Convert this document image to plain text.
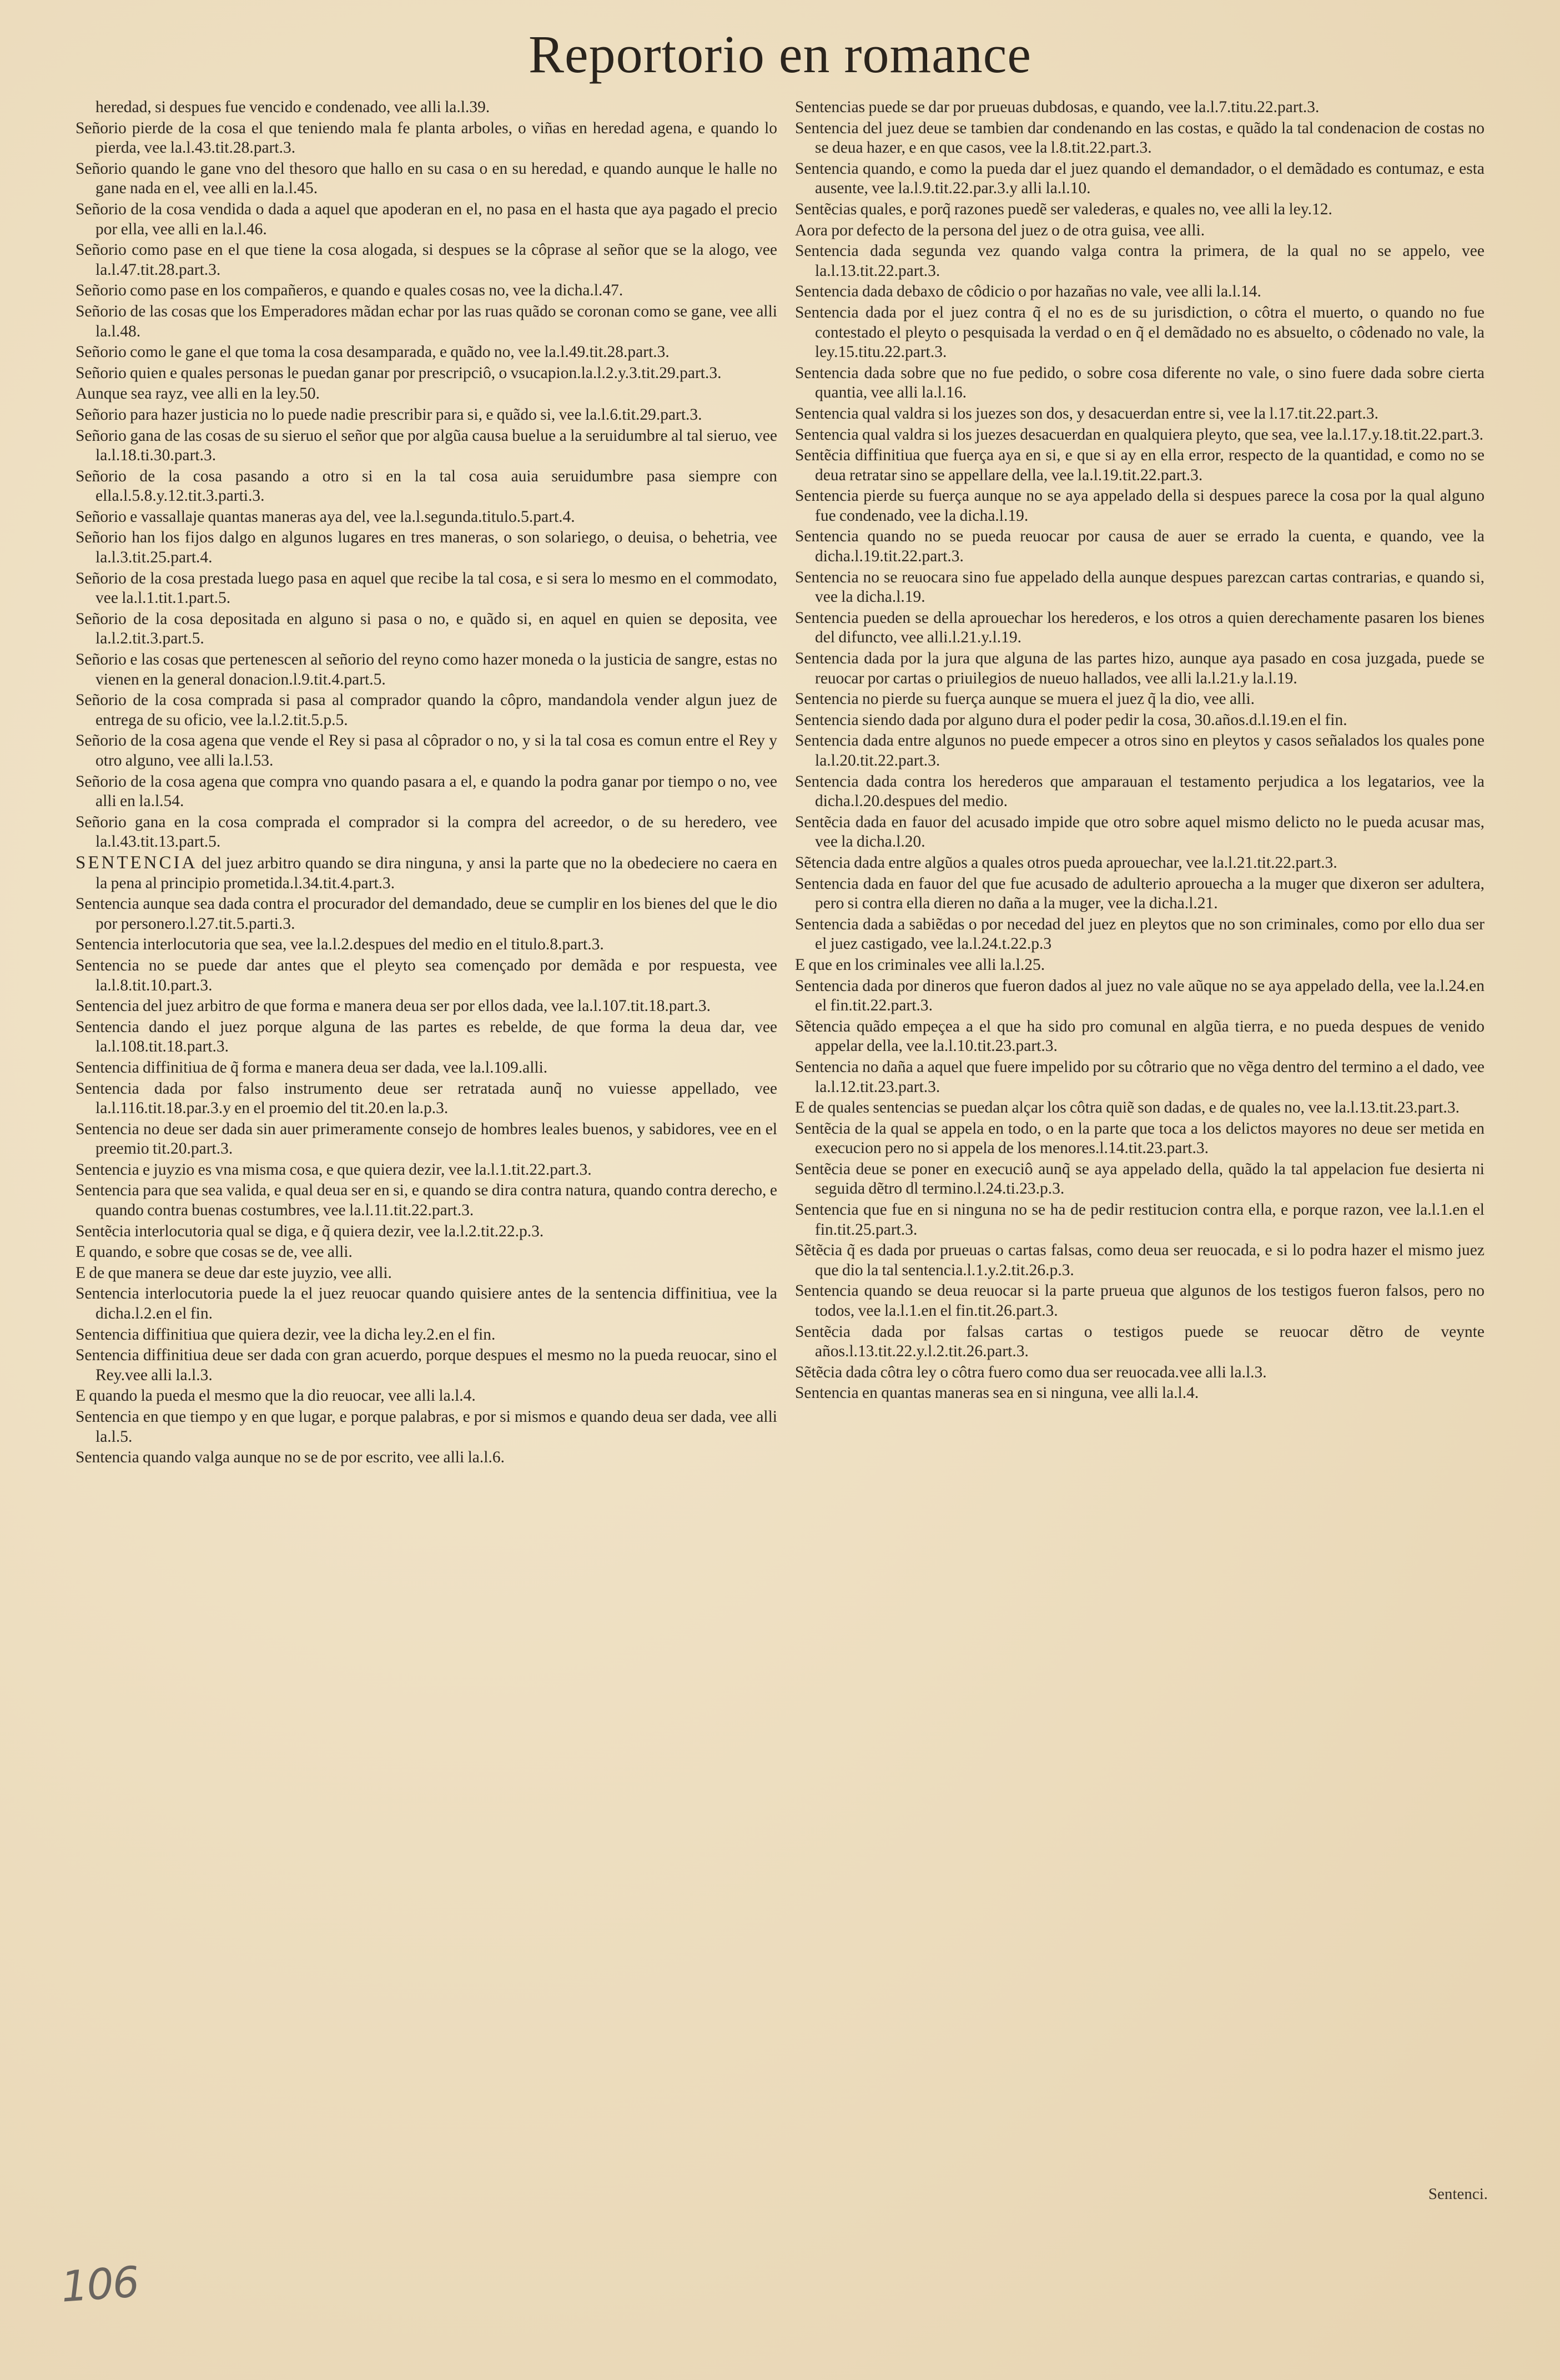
Reportorio en romance

heredad, si despues fue vencido e condenado, vee alli la.l.39.

Señorio pierde de la cosa el que teniendo mala fe planta arboles, o viñas en heredad agena, e quando lo pierda, vee la.l.43.tit.28.part.3.

Señorio quando le gane vno del thesoro que hallo en su casa o en su heredad, e quando aunque le halle no gane nada en el, vee alli en la.l.45.

Señorio de la cosa vendida o dada a aquel que apoderan en el, no pasa en el hasta que aya pagado el precio por ella, vee alli en la.l.46.

Señorio como pase en el que tiene la cosa alogada, si despues se la côprase al señor que se la alogo, vee la.l.47.tit.28.part.3.

Señorio como pase en los compañeros, e quando e quales cosas no, vee la dicha.l.47.

Señorio de las cosas que los Emperadores mãdan echar por las ruas quãdo se coronan como se gane, vee alli la.l.48.

Señorio como le gane el que toma la cosa desamparada, e quãdo no, vee la.l.49.tit.28.part.3.

Señorio quien e quales personas le puedan ganar por prescripciô, o vsucapion.la.l.2.y.3.tit.29.part.3.

Aunque sea rayz, vee alli en la ley.50.

Señorio para hazer justicia no lo puede nadie prescribir para si, e quãdo si, vee la.l.6.tit.29.part.3.

Señorio gana de las cosas de su sieruo el señor que por algũa causa buelue a la seruidumbre al tal sieruo, vee la.l.18.ti.30.part.3.

Señorio de la cosa pasando a otro si en la tal cosa auia seruidumbre pasa siempre con ella.l.5.8.y.12.tit.3.parti.3.

Señorio e vassallaje quantas maneras aya del, vee la.l.segunda.titulo.5.part.4.

Señorio han los fijos dalgo en algunos lugares en tres maneras, o son solariego, o deuisa, o behetria, vee la.l.3.tit.25.part.4.

Señorio de la cosa prestada luego pasa en aquel que recibe la tal cosa, e si sera lo mesmo en el commodato, vee la.l.1.tit.1.part.5.

Señorio de la cosa depositada en alguno si pasa o no, e quãdo si, en aquel en quien se deposita, vee la.l.2.tit.3.part.5.

Señorio e las cosas que pertenescen al señorio del reyno como hazer moneda o la justicia de sangre, estas no vienen en la general donacion.l.9.tit.4.part.5.

Señorio de la cosa comprada si pasa al comprador quando la côpro, mandandola vender algun juez de entrega de su oficio, vee la.l.2.tit.5.p.5.

Señorio de la cosa agena que vende el Rey si pasa al côprador o no, y si la tal cosa es comun entre el Rey y otro alguno, vee alli la.l.53.

Señorio de la cosa agena que compra vno quando pasara a el, e quando la podra ganar por tiempo o no, vee alli en la.l.54.

Señorio gana en la cosa comprada el comprador si la compra del acreedor, o de su heredero, vee la.l.43.tit.13.part.5.

SENTENCIA del juez arbitro quando se dira ninguna, y ansi la parte que no la obedeciere no caera en la pena al principio prometida.l.34.tit.4.part.3.

Sentencia aunque sea dada contra el procurador del demandado, deue se cumplir en los bienes del que le dio por personero.l.27.tit.5.parti.3.

Sentencia interlocutoria que sea, vee la.l.2.despues del medio en el titulo.8.part.3.

Sentencia no se puede dar antes que el pleyto sea començado por demãda e por respuesta, vee la.l.8.tit.10.part.3.

Sentencia del juez arbitro de que forma e manera deua ser por ellos dada, vee la.l.107.tit.18.part.3.

Sentencia dando el juez porque alguna de las partes es rebelde, de que forma la deua dar, vee la.l.108.tit.18.part.3.

Sentencia diffinitiua de q̃ forma e manera deua ser dada, vee la.l.109.alli.

Sentencia dada por falso instrumento deue ser retratada aunq̃ no vuiesse appellado, vee la.l.116.tit.18.par.3.y en el proemio del tit.20.en la.p.3.

Sentencia no deue ser dada sin auer primeramente consejo de hombres leales buenos, y sabidores, vee en el preemio tit.20.part.3.

Sentencia e juyzio es vna misma cosa, e que quiera dezir, vee la.l.1.tit.22.part.3.

Sentencia para que sea valida, e qual deua ser en si, e quando se dira contra natura, quando contra derecho, e quando contra buenas costumbres, vee la.l.11.tit.22.part.3.

Sentẽcia interlocutoria qual se diga, e q̃ quiera dezir, vee la.l.2.tit.22.p.3.

E quando, e sobre que cosas se de, vee alli.

E de que manera se deue dar este juyzio, vee alli.

Sentencia interlocutoria puede la el juez reuocar quando quisiere antes de la sentencia diffinitiua, vee la dicha.l.2.en el fin.

Sentencia diffinitiua que quiera dezir, vee la dicha ley.2.en el fin.

Sentencia diffinitiua deue ser dada con gran acuerdo, porque despues el mesmo no la pueda reuocar, sino el Rey.vee alli la.l.3.

E quando la pueda el mesmo que la dio reuocar, vee alli la.l.4.

Sentencia en que tiempo y en que lugar, e porque palabras, e por si mismos e quando deua ser dada, vee alli la.l.5.

Sentencia quando valga aunque no se de por escrito, vee alli la.l.6.

Sentencias puede se dar por prueuas dubdosas, e quando, vee la.l.7.titu.22.part.3.

Sentencia del juez deue se tambien dar condenando en las costas, e quãdo la tal condenacion de costas no se deua hazer, e en que casos, vee la l.8.tit.22.part.3.

Sentencia quando, e como la pueda dar el juez quando el demandador, o el demãdado es contumaz, e esta ausente, vee la.l.9.tit.22.par.3.y alli la.l.10.

Sentẽcias quales, e porq̃ razones puedẽ ser valederas, e quales no, vee alli la ley.12.

Aora por defecto de la persona del juez o de otra guisa, vee alli.

Sentencia dada segunda vez quando valga contra la primera, de la qual no se appelo, vee la.l.13.tit.22.part.3.

Sentencia dada debaxo de côdicio o por hazañas no vale, vee alli la.l.14.

Sentencia dada por el juez contra q̃ el no es de su jurisdiction, o côtra el muerto, o quando no fue contestado el pleyto o pesquisada la verdad o en q̃ el demãdado no es absuelto, o côdenado no vale, la ley.15.titu.22.part.3.

Sentencia dada sobre que no fue pedido, o sobre cosa diferente no vale, o sino fuere dada sobre cierta quantia, vee alli la.l.16.

Sentencia qual valdra si los juezes son dos, y desacuerdan entre si, vee la l.17.tit.22.part.3.

Sentencia qual valdra si los juezes desacuerdan en qualquiera pleyto, que sea, vee la.l.17.y.18.tit.22.part.3.

Sentẽcia diffinitiua que fuerça aya en si, e que si ay en ella error, respecto de la quantidad, e como no se deua retratar sino se appellare della, vee la.l.19.tit.22.part.3.

Sentencia pierde su fuerça aunque no se aya appelado della si despues parece la cosa por la qual alguno fue condenado, vee la dicha.l.19.

Sentencia quando no se pueda reuocar por causa de auer se errado la cuenta, e quando, vee la dicha.l.19.tit.22.part.3.

Sentencia no se reuocara sino fue appelado della aunque despues parezcan cartas contrarias, e quando si, vee la dicha.l.19.

Sentencia pueden se della aprouechar los herederos, e los otros a quien derechamente pasaren los bienes del difuncto, vee alli.l.21.y.l.19.

Sentencia dada por la jura que alguna de las partes hizo, aunque aya pasado en cosa juzgada, puede se reuocar por cartas o priuilegios de nueuo hallados, vee alli la.l.21.y la.l.19.

Sentencia no pierde su fuerça aunque se muera el juez q̃ la dio, vee alli.

Sentencia siendo dada por alguno dura el poder pedir la cosa, 30.años.d.l.19.en el fin.

Sentencia dada entre algunos no puede empecer a otros sino en pleytos y casos señalados los quales pone la.l.20.tit.22.part.3.

Sentencia dada contra los herederos que amparauan el testamento perjudica a los legatarios, vee la dicha.l.20.despues del medio.

Sentẽcia dada en fauor del acusado impide que otro sobre aquel mismo delicto no le pueda acusar mas, vee la dicha.l.20.

Sẽtencia dada entre algũos a quales otros pueda aprouechar, vee la.l.21.tit.22.part.3.

Sentencia dada en fauor del que fue acusado de adulterio aprouecha a la muger que dixeron ser adultera, pero si contra ella dieren no daña a la muger, vee la dicha.l.21.

Sentencia dada a sabiẽdas o por necedad del juez en pleytos que no son criminales, como por ello dua ser el juez castigado, vee la.l.24.t.22.p.3

E que en los criminales vee alli la.l.25.

Sentencia dada por dineros que fueron dados al juez no vale aũque no se aya appelado della, vee la.l.24.en el fin.tit.22.part.3.

Sẽtencia quãdo empeçea a el que ha sido pro comunal en algũa tierra, e no pueda despues de venido appelar della, vee la.l.10.tit.23.part.3.

Sentencia no daña a aquel que fuere impelido por su côtrario que no vẽga dentro del termino a el dado, vee la.l.12.tit.23.part.3.

E de quales sentencias se puedan alçar los côtra quiẽ son dadas, e de quales no, vee la.l.13.tit.23.part.3.

Sentẽcia de la qual se appela en todo, o en la parte que toca a los delictos mayores no deue ser metida en execucion pero no si appela de los menores.l.14.tit.23.part.3.

Sentẽcia deue se poner en execuciô aunq̃ se aya appelado della, quãdo la tal appelacion fue desierta ni seguida dẽtro dl termino.l.24.ti.23.p.3.

Sentencia que fue en si ninguna no se ha de pedir restitucion contra ella, e porque razon, vee la.l.1.en el fin.tit.25.part.3.

Sẽtẽcia q̃ es dada por prueuas o cartas falsas, como deua ser reuocada, e si lo podra hazer el mismo juez que dio la tal sentencia.l.1.y.2.tit.26.p.3.

Sentencia quando se deua reuocar si la parte prueua que algunos de los testigos fueron falsos, pero no todos, vee la.l.1.en el fin.tit.26.part.3.

Sentẽcia dada por falsas cartas o testigos puede se reuocar dẽtro de veynte años.l.13.tit.22.y.l.2.tit.26.part.3.

Sẽtẽcia dada côtra ley o côtra fuero como dua ser reuocada.vee alli la.l.3.

Sentencia en quantas maneras sea en si ninguna, vee alli la.l.4.

Sentenci.
106
